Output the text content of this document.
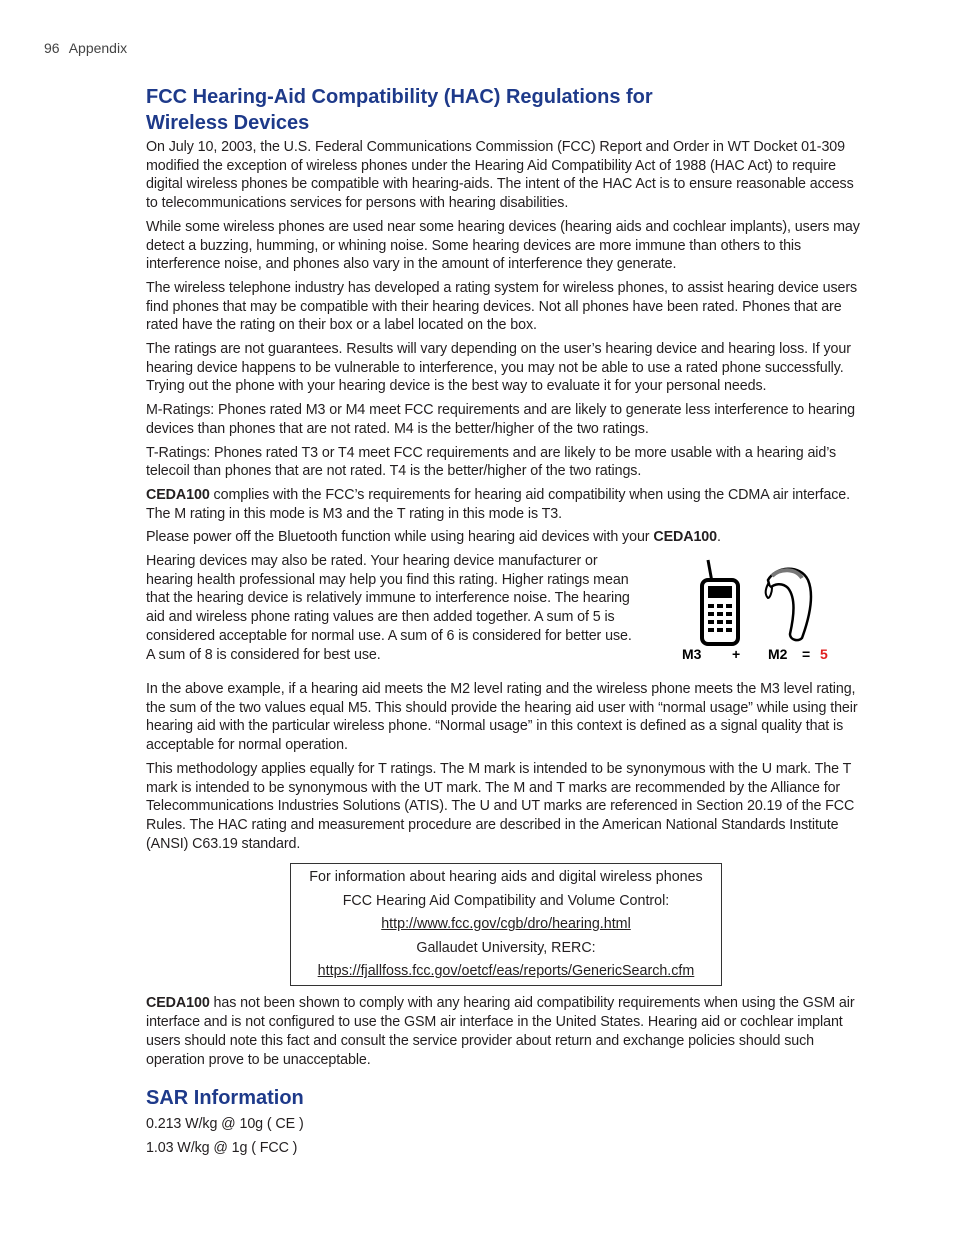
96 Appendix
FCC Hearing-Aid Compatibility (HAC) Regulations for Wireless Devices

On July 10, 2003, the U.S. Federal Communications Commission (FCC) Report and Order in WT Docket 01-309 modified the exception of wireless phones under the Hearing Aid Compatibility Act of 1988 (HAC Act) to require digital wireless phones be compatible with hearing-aids. The intent of the HAC Act is to ensure reasonable access to telecommunications services for persons with hearing disabilities.

While some wireless phones are used near some hearing devices (hearing aids and cochlear implants), users may detect a buzzing, humming, or whining noise. Some hearing devices are more immune than others to this interference noise, and phones also vary in the amount of interference they generate.

The wireless telephone industry has developed a rating system for wireless phones, to assist hearing device users find phones that may be compatible with their hearing devices. Not all phones have been rated. Phones that are rated have the rating on their box or a label located on the box.

The ratings are not guarantees. Results will vary depending on the user’s hearing device and hearing loss. If your hearing device happens to be vulnerable to interference, you may not be able to use a rated phone successfully. Trying out the phone with your hearing device is the best way to evaluate it for your personal needs.

M-Ratings: Phones rated M3 or M4 meet FCC requirements and are likely to generate less interference to hearing devices than phones that are not rated. M4 is the better/higher of the two ratings.

T-Ratings: Phones rated T3 or T4 meet FCC requirements and are likely to be more usable with a hearing aid’s telecoil than phones that are not rated. T4 is the better/higher of the two ratings.

CEDA100 complies with the FCC’s requirements for hearing aid compatibility when using the CDMA air interface. The M rating in this mode is M3 and the T rating in this mode is T3.

Please power off the Bluetooth function while using hearing aid devices with your CEDA100.

Hearing devices may also be rated. Your hearing device manufacturer or hearing health professional may help you find this rating. Higher ratings mean that the hearing device is relatively immune to interference noise. The hearing aid and wireless phone rating values are then added together. A sum of 5 is considered acceptable for normal use. A sum of 6 is considered for better use. A sum of 8 is considered for best use.	M3 + M2 = 5

In the above example, if a hearing aid meets the M2 level rating and the wireless phone meets the M3 level rating, the sum of the two values equal M5. This should provide the hearing aid user with “normal usage” while using their hearing aid with the particular wireless phone. “Normal usage” in this context is defined as a signal quality that is acceptable for normal operation.

This methodology applies equally for T ratings. The M mark is intended to be synonymous with the U mark. The T mark is intended to be synonymous with the UT mark. The M and T marks are recommended by the Alliance for Telecommunications Industries Solutions (ATIS). The U and UT marks are referenced in Section 20.19 of the FCC Rules. The HAC rating and measurement procedure are described in the American National Standards Institute (ANSI) C63.19 standard.

For information about hearing aids and digital wireless phones
FCC Hearing Aid Compatibility and Volume Control:
http://www.fcc.gov/cgb/dro/hearing.html
Gallaudet University, RERC:
https://fjallfoss.fcc.gov/oetcf/eas/reports/GenericSearch.cfm

CEDA100 has not been shown to comply with any hearing aid compatibility requirements when using the GSM air interface and is not configured to use the GSM air interface in the United States. Hearing aid or cochlear implant users should note this fact and consult the service provider about return and exchange policies should such operation prove to be unacceptable.

SAR Information

0.213 W/kg @ 10g ( CE )

1.03 W/kg @ 1g ( FCC )
